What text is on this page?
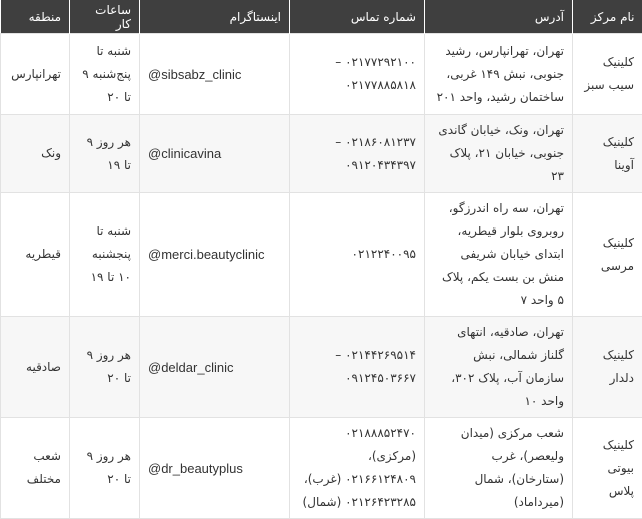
نام مرکز	آدرس	شماره تماس	اینستاگرام	ساعات کار	منطقه
کلینیک سیب سبز	تهران، تهرانپارس، رشید جنوبی، نبش ۱۴۹ غربی، ساختمان رشید، واحد ۲۰۱	۰۲۱۷۷۲۹۲۱۰۰ – ۰۲۱۷۷۸۸۵۸۱۸	@sibsabz_clinic	شنبه تا پنج‌شنبه ۹ تا ۲۰	تهرانپارس
کلینیک آوینا	تهران، ونک، خیابان گاندی جنوبی، خیابان ۲۱، پلاک ۲۳	۰۲۱۸۶۰۸۱۲۳۷ – ۰۹۱۲۰۴۳۴۳۹۷	@clinicavina	هر روز ۹ تا ۱۹	ونک
کلینیک مرسی	تهران، سه راه اندرزگو، روبروی بلوار قیطریه، ابتدای خیابان شریفی منش بن بست یکم، پلاک ۵ واحد ۷	۰۲۱۲۲۴۰۰۹۵	@merci.beautyclinic	شنبه تا پنجشنبه ۱۰ تا ۱۹	قیطریه
کلینیک دلدار	تهران، صادقیه، انتهای گلناز شمالی، نبش سازمان آب، پلاک ۳۰۲، واحد ۱۰	۰۲۱۴۴۲۶۹۵۱۴ – ۰۹۱۲۴۵۰۳۶۶۷	@deldar_clinic	هر روز ۹ تا ۲۰	صادقیه
کلینیک بیوتی پلاس	شعب مرکزی (میدان ولیعصر)، غرب (ستارخان)، شمال (میرداماد)	۰۲۱۸۸۸۵۲۴۷۰ (مرکزی)، ۰۲۱۶۶۱۲۴۸۰۹ (غرب)، ۰۲۱۲۶۴۲۳۲۸۵ (شمال)	@dr_beautyplus	هر روز ۹ تا ۲۰	شعب مختلف
